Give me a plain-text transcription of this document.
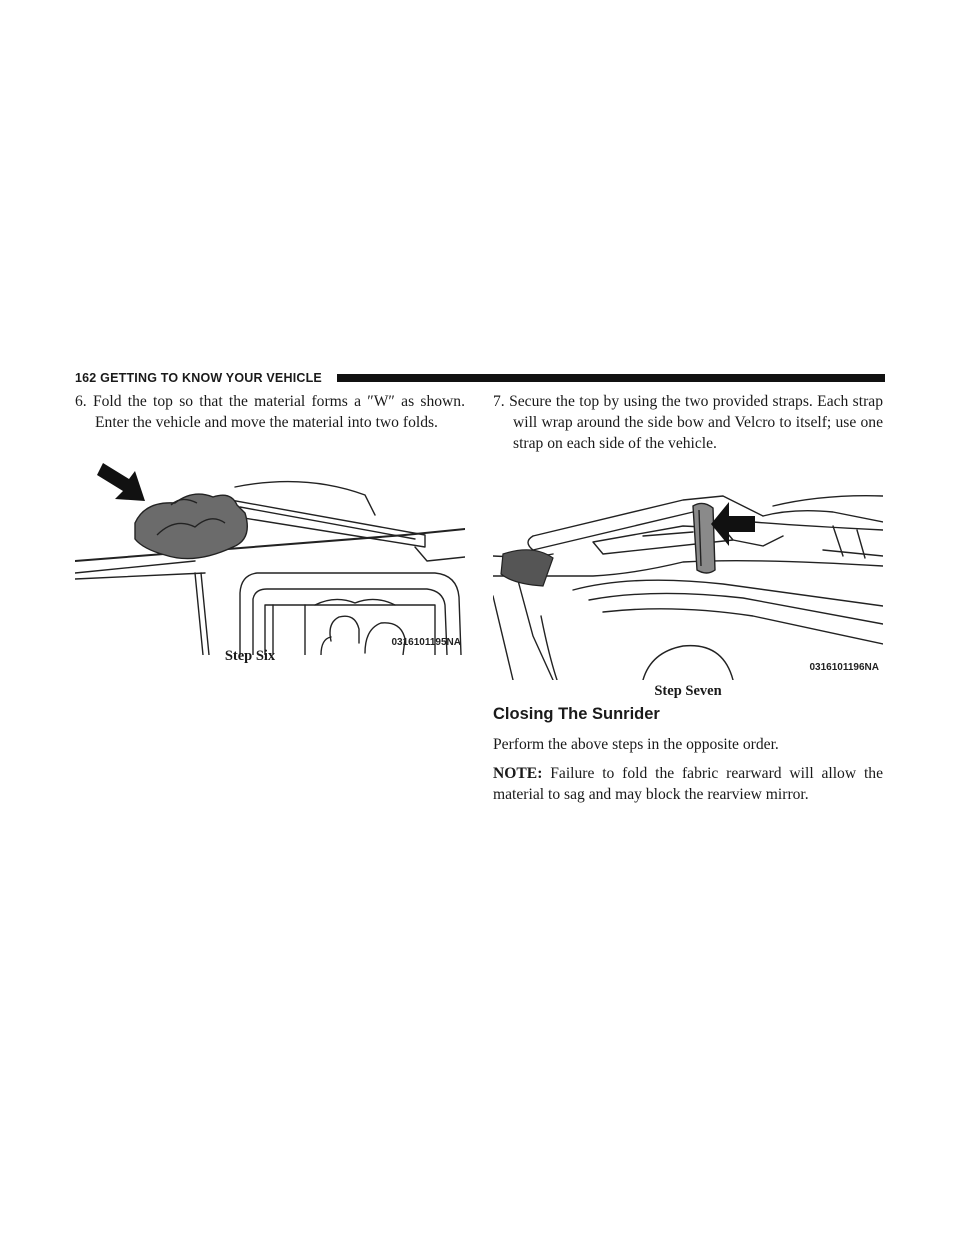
162 GETTING TO KNOW YOUR VEHICLE

6. Fold the top so that the material forms a ″W″ as shown. Enter the vehicle and move the material into two folds.

0316101195NA
Step Six

7. Secure the top by using the two provided straps. Each strap will wrap around the side bow and Velcro to itself; use one strap on each side of the vehicle.

0316101196NA
Step Seven
Closing The Sunrider

Perform the above steps in the opposite order.

NOTE: Failure to fold the fabric rearward will allow the material to sag and may block the rearview mirror.
